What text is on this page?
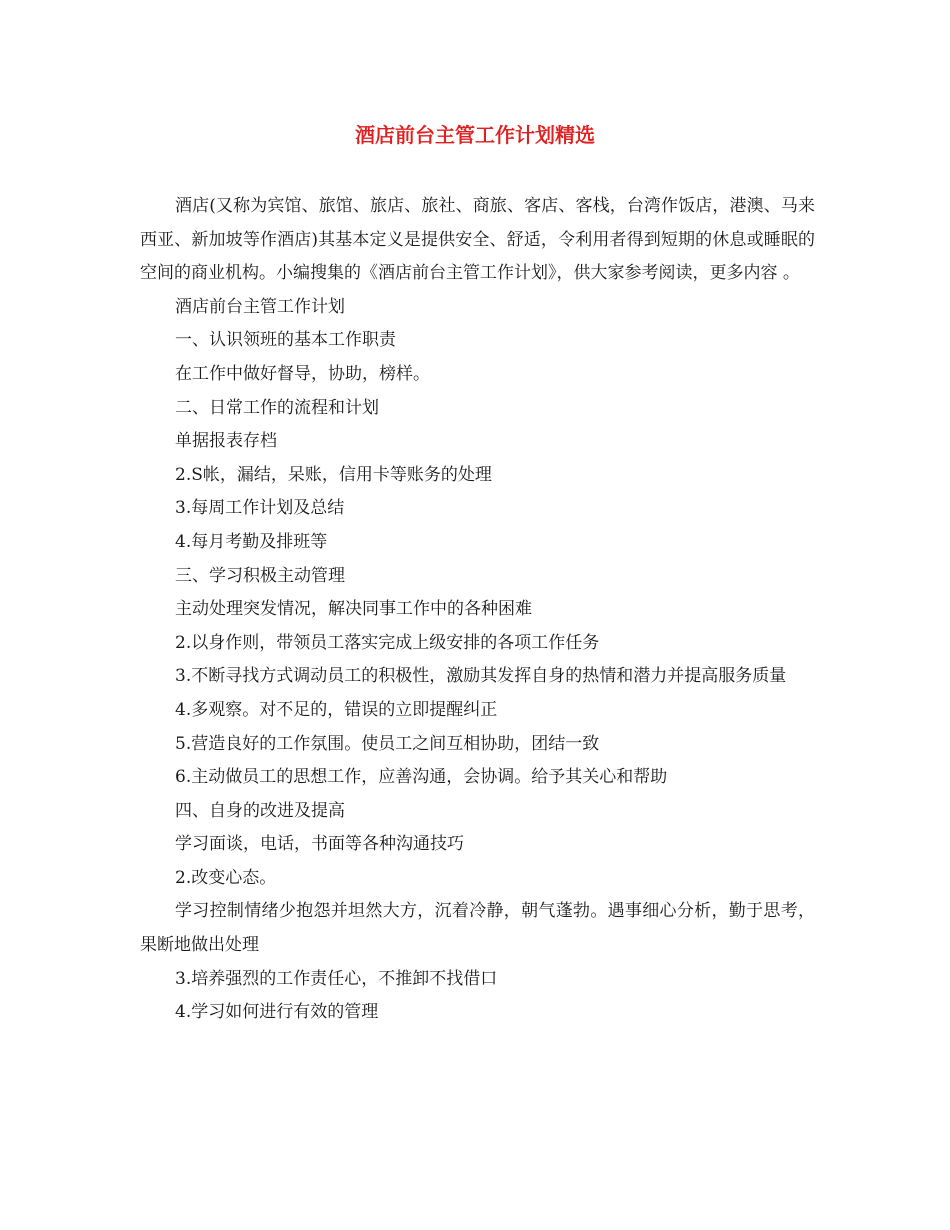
酒店前台主管工作计划精选

酒店(又称为宾馆、旅馆、旅店、旅社、商旅、客店、客栈，台湾作饭店，港澳、马来西亚、新加坡等作酒店)其基本定义是提供安全、舒适，令利用者得到短期的休息或睡眠的空间的商业机构。小编搜集的《酒店前台主管工作计划》，供大家参考阅读，更多内容 。

酒店前台主管工作计划

一、认识领班的基本工作职责

在工作中做好督导，协助，榜样。

二、日常工作的流程和计划

单据报表存档

2.S帐，漏结，呆账，信用卡等账务的处理

3.每周工作计划及总结

4.每月考勤及排班等

三、学习积极主动管理

主动处理突发情况，解决同事工作中的各种困难

2.以身作则，带领员工落实完成上级安排的各项工作任务

3.不断寻找方式调动员工的积极性，激励其发挥自身的热情和潜力并提高服务质量

4.多观察。对不足的，错误的立即提醒纠正

5.营造良好的工作氛围。使员工之间互相协助，团结一致

6.主动做员工的思想工作，应善沟通，会协调。给予其关心和帮助

四、自身的改进及提高

学习面谈，电话，书面等各种沟通技巧

2.改变心态。

学习控制情绪少抱怨并坦然大方，沉着冷静，朝气蓬勃。遇事细心分析，勤于思考，果断地做出处理

3.培养强烈的工作责任心，不推卸不找借口

4.学习如何进行有效的管理
